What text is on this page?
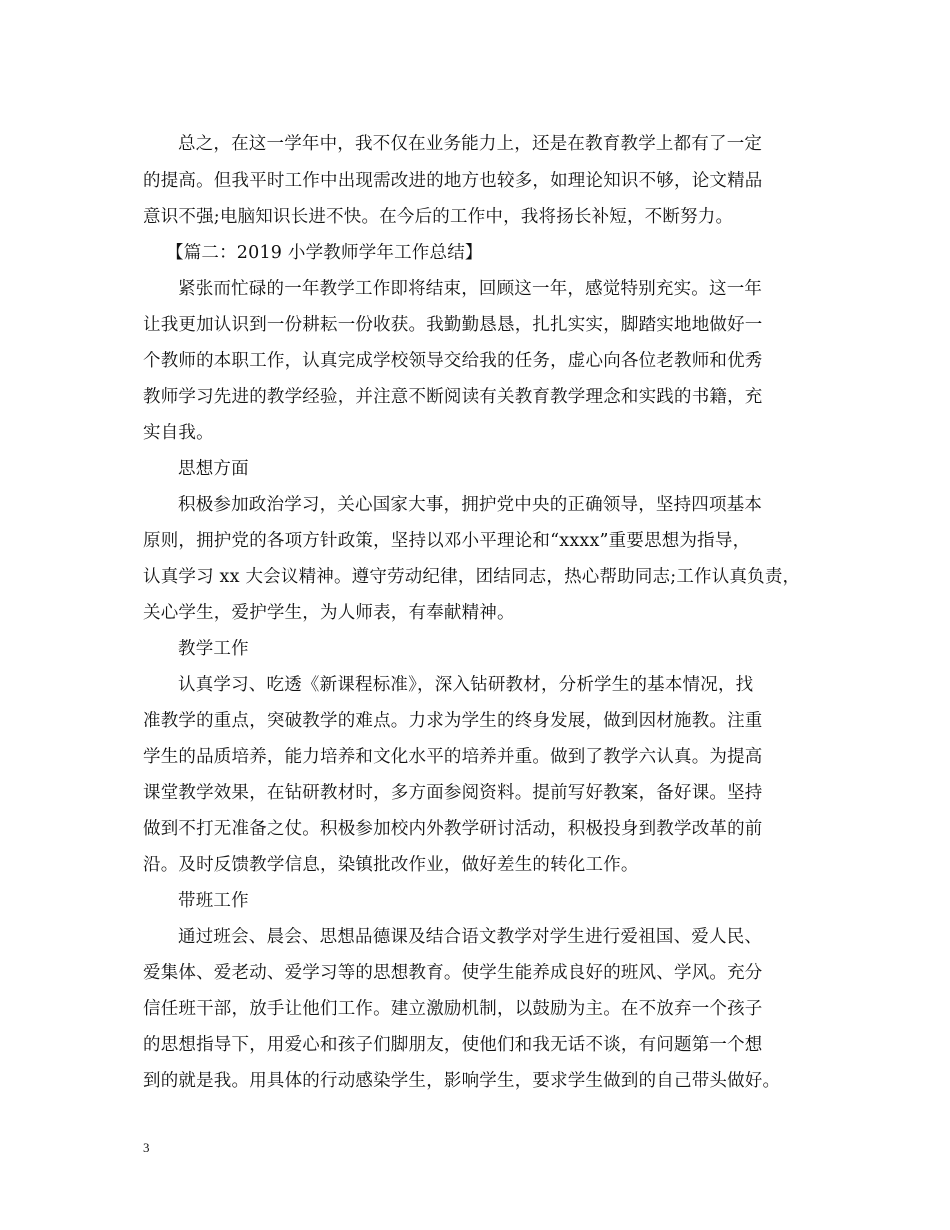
总之，在这一学年中，我不仅在业务能力上，还是在教育教学上都有了一定
的提高。但我平时工作中出现需改进的地方也较多，如理论知识不够，论文精品
意识不强;电脑知识长进不快。在今后的工作中，我将扬长补短，不断努力。
【篇二：2019 小学教师学年工作总结】
紧张而忙碌的一年教学工作即将结束，回顾这一年，感觉特别充实。这一年
让我更加认识到一份耕耘一份收获。我勤勤恳恳，扎扎实实，脚踏实地地做好一
个教师的本职工作，认真完成学校领导交给我的任务，虚心向各位老教师和优秀
教师学习先进的教学经验，并注意不断阅读有关教育教学理念和实践的书籍，充
实自我。
思想方面
积极参加政治学习，关心国家大事，拥护党中央的正确领导，坚持四项基本
原则，拥护党的各项方针政策，坚持以邓小平理论和“xxxx”重要思想为指导，
认真学习 xx 大会议精神。遵守劳动纪律，团结同志，热心帮助同志;工作认真负责，
关心学生，爱护学生，为人师表，有奉献精神。
教学工作
认真学习、吃透《新课程标准》，深入钻研教材，分析学生的基本情况，找
准教学的重点，突破教学的难点。力求为学生的终身发展，做到因材施教。注重
学生的品质培养，能力培养和文化水平的培养并重。做到了教学六认真。为提高
课堂教学效果，在钻研教材时，多方面参阅资料。提前写好教案，备好课。坚持
做到不打无准备之仗。积极参加校内外教学研讨活动，积极投身到教学改革的前
沿。及时反馈教学信息，染镇批改作业，做好差生的转化工作。
带班工作
通过班会、晨会、思想品德课及结合语文教学对学生进行爱祖国、爱人民、
爱集体、爱老动、爱学习等的思想教育。使学生能养成良好的班风、学风。充分
信任班干部，放手让他们工作。建立激励机制，以鼓励为主。在不放弃一个孩子
的思想指导下，用爱心和孩子们脚朋友，使他们和我无话不谈，有问题第一个想
到的就是我。用具体的行动感染学生，影响学生，要求学生做到的自己带头做好。
3
